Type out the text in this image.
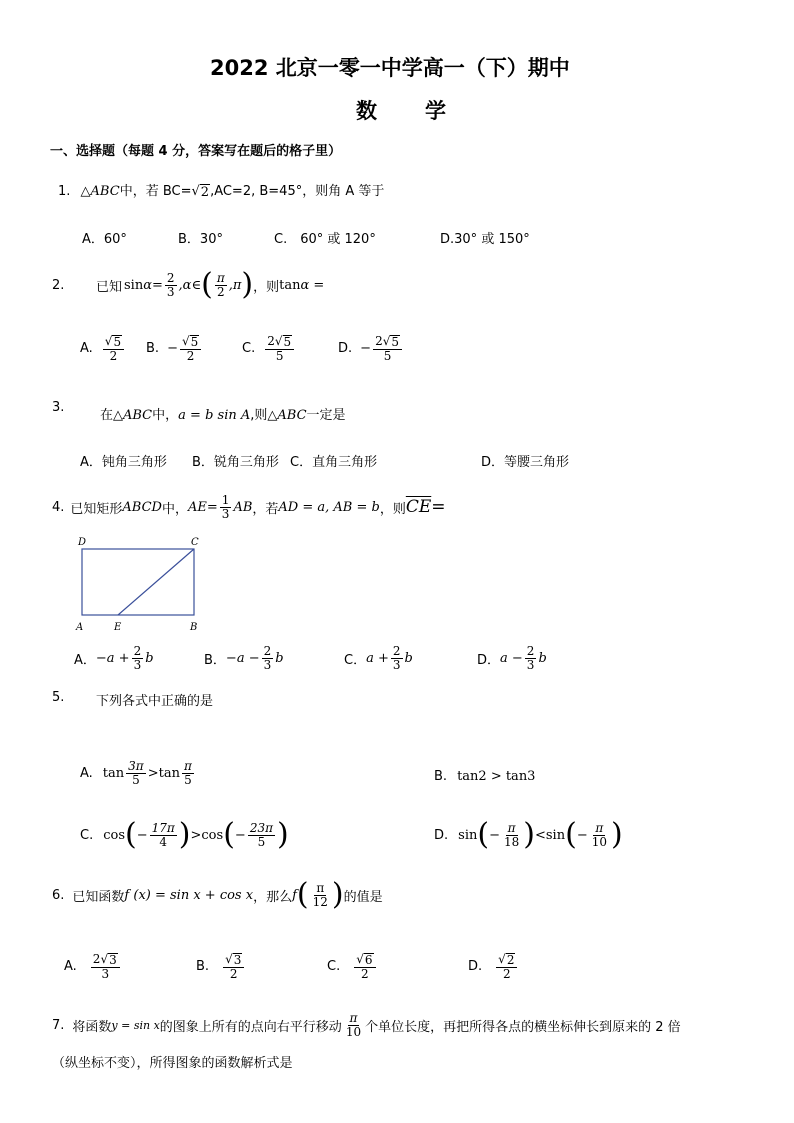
2022 北京一零一中学高一（下）期中
数　　学
一、选择题（每题 4 分，答案写在题后的格子里）
1. △ABC中，若 BC= √ 2 ,AC=2, B=45°，则角 A 等于
A．60°	B．30°	C.　60° 或 120°	D.30° 或 150°
2.	已知 $\sin \alpha = \frac{2}{3}$ ,α∈ ( $\frac{\pi}{2} ,\pi$ ) ，则 tan α =
A. $\frac{√ 5}{2} B$. − $\frac{√ 5}{2}$	C. $\frac{2 √ 5}{5}$	D. − $\frac{2 √ 5}{5}$
3.
在△ABC中，a = b sin A,则△ABC一定是
A．钝角三角形 B．锐角三角形 C．直角三角形	D．等腰三角形
4. 已知矩形 ABCD 中， AE = $\frac{1}{3}$ AB ，若 AD = a, AB = b ，则 $\overline{CE}$ =
D	C
A	E	B
A． $-a + \frac{2}{3}$ b	B． $-a - \frac{2}{3}$ b	C． $a + \frac{2}{3}$ b	D． $a - \frac{2}{3}$ b
5. 下列各式中正确的是
A. $\tan \frac{3\pi}{5} > \tan \frac{\pi}{5}$	B. tan2 > tan3
C. cos ( − $\frac{17\pi}{4}$ ) > cos ( − $\frac{23\pi}{5}$ )	D. sin ( − $\frac{\pi}{18}$ ) < sin ( − $\frac{\pi}{10}$ )
6. 已知函数 f (x) = sin x + cos x ，那么 f ( $\frac{\pi}{12}$ ) 的值是
A. $\frac{2 √ 3}{3}$	B. $\frac{√ 3}{2}$	C. $\frac{√ 6}{2}$	D. $\frac{√ 2}{2}$
7. 将函数 y = sin x 的图象上所有的点向右平行移动 $\frac{\pi}{10}$ 个单位长度，再把所得各点的横坐标伸长到原来的 2 倍
（纵坐标不变），所得图象的函数解析式是
